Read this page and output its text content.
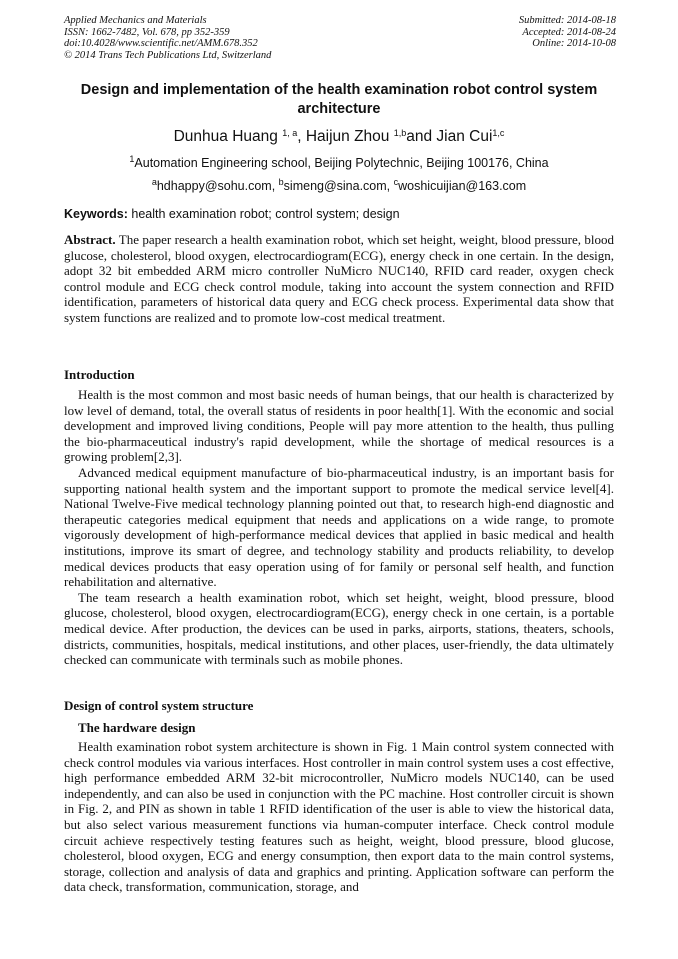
Applied Mechanics and Materials
ISSN: 1662-7482, Vol. 678, pp 352-359
doi:10.4028/www.scientific.net/AMM.678.352
© 2014 Trans Tech Publications Ltd, Switzerland
Submitted: 2014-08-18
Accepted: 2014-08-24
Online: 2014-10-08
Design and implementation of the health examination robot control system architecture
Dunhua Huang $^{1, a}$, Haijun Zhou $^{1,b}$and Jian Cui$^{1,c}$
$^1$Automation Engineering school, Beijing Polytechnic, Beijing 100176, China
$^a$hdhappy@sohu.com, $^b$simeng@sina.com, $^c$woshicuijian@163.com
Keywords: health examination robot; control system; design

Abstract. The paper research a health examination robot, which set height, weight, blood pressure, blood glucose, cholesterol, blood oxygen, electrocardiogram(ECG), energy check in one certain. In the design, adopt 32 bit embedded ARM micro controller NuMicro NUC140, RFID card reader, oxygen check control module and ECG check control module, taking into account the system connection and RFID identification, parameters of historical data query and ECG check process. Experimental data show that system functions are realized and to promote low-cost medical treatment.

Introduction

Health is the most common and most basic needs of human beings, that our health is characterized by low level of demand, total, the overall status of residents in poor health[1]. With the economic and social development and improved living conditions, People will pay more attention to the health, thus pulling the bio-pharmaceutical industry's rapid development, while the shortage of medical resources is a growing problem[2,3].

Advanced medical equipment manufacture of bio-pharmaceutical industry, is an important basis for supporting national health system and the important support to promote the medical service level[4]. National Twelve-Five medical technology planning pointed out that, to research high-end diagnostic and therapeutic categories medical equipment that needs and applications on a wide range, to promote vigorously development of high-performance medical devices that applied in basic medical and health institutions, improve its smart of degree, and technology stability and products reliability, to develop medical devices products that easy operation using of for family or personal self health, and function rehabilitation and alternative.

The team research a health examination robot, which set height, weight, blood pressure, blood glucose, cholesterol, blood oxygen, electrocardiogram(ECG), energy check in one certain, is a portable medical device. After production, the devices can be used in parks, airports, stations, theaters, schools, districts, communities, hospitals, medical institutions, and other places, user-friendly, the data ultimately checked can communicate with terminals such as mobile phones.

Design of control system structure
The hardware design

Health examination robot system architecture is shown in Fig. 1 Main control system connected with check control modules via various interfaces. Host controller in main control system uses a cost effective, high performance embedded ARM 32-bit microcontroller, NuMicro models NUC140, can be used independently, and can also be used in conjunction with the PC machine. Host controller circuit is shown in Fig. 2, and PIN as shown in table 1 RFID identification of the user is able to view the historical data, but also select various measurement functions via human-computer interface. Check control module circuit achieve respectively testing features such as height, weight, blood pressure, blood glucose, cholesterol, blood oxygen, ECG and energy consumption, then export data to the main control systems, storage, collection and analysis of data and graphics and printing. Application software can perform the data check, transformation, communication, storage, and
